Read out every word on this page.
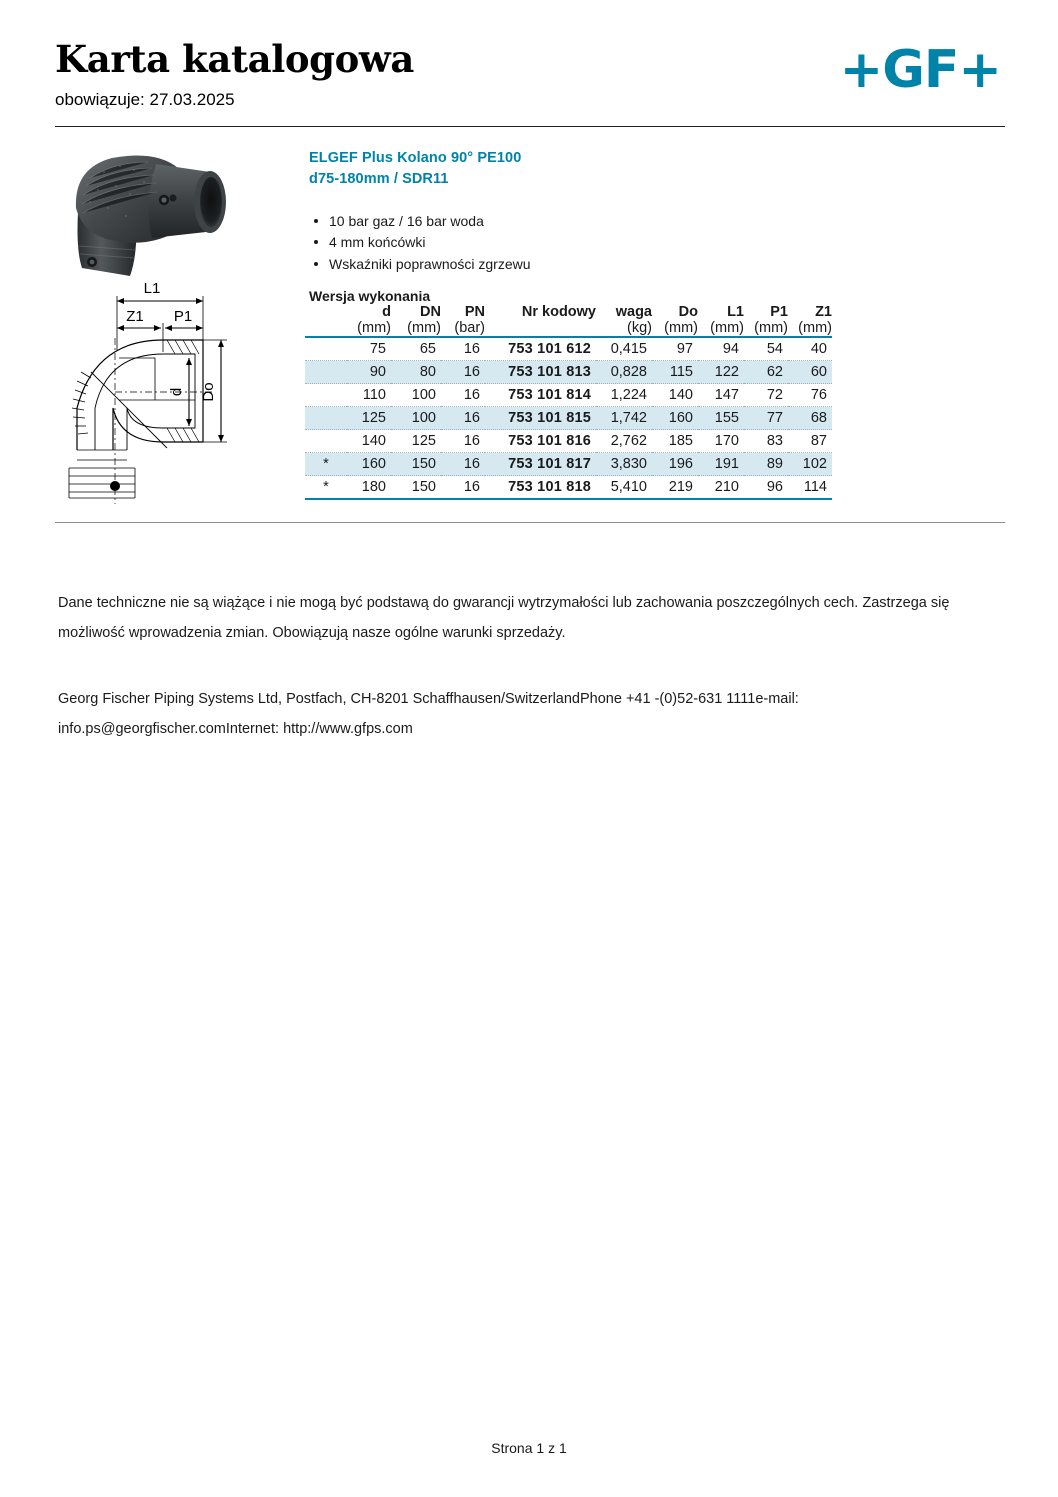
Karta katalogowa
obowiązuje: 27.03.2025	+GF+
L1
Z1 P1
d Do
ELGEF Plus Kolano 90° PE100
d75-180mm / SDR11
10 bar gaz / 16 bar woda
4 mm końcówki
Wskaźniki poprawności zgrzewu
Wersja wykonania
	d	DN	PN	Nr kodowy	waga	Do	L1	P1	Z1
	(mm)	(mm)	(bar)		(kg)	(mm)	(mm)	(mm)	(mm)

	75	65	16	753 101 612	0,415	97	94	54	40
	90	80	16	753 101 813	0,828	115	122	62	60
	110	100	16	753 101 814	1,224	140	147	72	76
	125	100	16	753 101 815	1,742	160	155	77	68
	140	125	16	753 101 816	2,762	185	170	83	87
*	160	150	16	753 101 817	3,830	196	191	89	102
*	180	150	16	753 101 818	5,410	219	210	96	114

Dane techniczne nie są wiążące i nie mogą być podstawą do gwarancji wytrzymałości lub zachowania poszczególnych cech. Zastrzega się możliwość wprowadzenia zmian. Obowiązują nasze ogólne warunki sprzedaży.
Georg Fischer Piping Systems Ltd, Postfach, CH-8201 Schaffhausen/SwitzerlandPhone +41 -(0)52-631 1111e-mail: info.ps@georgfischer.comInternet: http://www.gfps.com
Strona 1 z 1
